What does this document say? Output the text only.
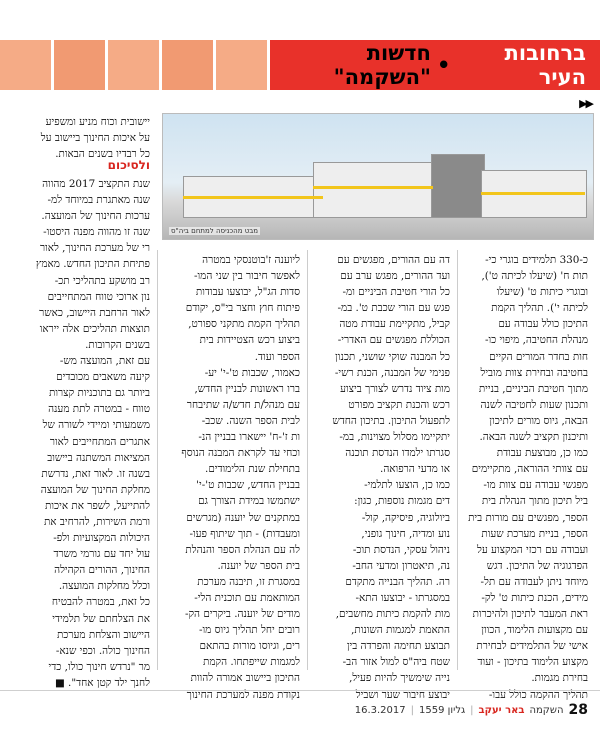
ברחובות העיר
•
חדשות "השקמה"
▶▶
מבט מהכניסה למתחם ביה"ס
כ-330 תלמידים בוגרי כי-
תות ח' (שיעלו לכיתה ט'),
ובוגרי כיתות ט' (שיעלו
לכיתה י'). תהליך הקמת
התיכון כולל עבודה עם
מנהלת החטיבה, מיפוי כו-
חות בחדר המורים הקיים
בחטיבה ובחירת צוות מוביל
מתוך חטיבת הביניים, בניית
ותכנון שעות לחטיבה לשנה
הבאה, גיוס מורים לתיכון
ותיכנון תקציב לשנה הבאה.
כמו כן, מבוצעת עבודת
עם צוותי ההוראה, מתקיימים
מפגשי עבודה עם צוות מו-
ביל תיכון מתוך הנהלת בית
הספר, מפגשים עם מורות בית
הספר, בניית מערכת שעות
ועבודה עם רכזי המקצוע על
הפדגוגיה של התיכון. דגש
מיוחד ניתן לעבודה עם תל-
מידים, הכנת כיתות ט' לק-
ראת המעבר לתיכון ולהיכרות
עם מקצועות הלימוד, הכוון
אישי של התלמידים לבחירת
מקצוע הלימוד בתיכון - ועוד
בחירת מגמות.
תהליך ההקמה כולל עבו-
דה עם ההורים, מפגשים עם
ועד ההורים, מפגש ערב עם
כל הורי חטיבת הביניים ומ-
פגש עם הורי שכבת ט'. במ-
קביל, מתקיימת עבודת מטה
הכוללת מפגשים עם האדרי-
כל המבנה שוקי שושני, תכנון
פנימי של המבנה, הכנת רשי-
מות ציוד נדרש לצורך ביצוע
רכש והכנת תקציב מפורט
לתפעול התיכון. בתיכון החדש
יתקיימו מסלול מצוינות, במ-
סגרתו ילמדו הנדסת תוכנה
או מדעי הרפואה.
כמו כן, הוצעו לתלמי-
דים מגמות נוספות, כגון:
ביולוגיה, פיסיקה, קול-
נוע ומדיה, חינוך גופני,
ניהול עסקי, הנדסת תוכ-
נה, תיאטרון ומדעי החב-
רה. תהליך הבנייה מתקדם
במסגרתו - יבוצעו התא-
מות להקמת כיתות מחשבים,
התאמת למגמות השונות,
תבוצע תחימה והפרדה בין
שטח ביה"ס למול אזור הב-
נייה שימשיך להיות פעיל,
יבוצע חיבור שער ושביל
ליוענה ז'בוטנסקי במטרה
לאפשר חיבור בין שני המו-
סדות הג"ל, יבוצעו עבודות
פיתוח חוץ וחצר בי"ס, יקודם
תהליך הקמת מתקני ספורט,
ביצוע רכש הצטיידות בית
הספר ועוד.
כאמור, שכבות ט'-י' יע-
ברו ראשונות לבניין החדש,
עם מנהל/ת חדש/ה שתיבחר
לבית הספר השנה. שכב-
ות ז'-ח' יישארו בבניין הנ-
וכחי עד לקראת המבנה הנוסף
בתחילת שנת הלימודים.
בבניין החדש, שכבות ט'-י'
ישתמשו במידת הצורך גם
במתקנים של יוענה (מגרשים
ומעבדות) - תוך שיתוף פעו-
לה עם הנהלת הספר והנהלת
בית הספר של יוענה.
במסגרת זו, תיבנה מערכת
המותאמת עם תוכנית הלי-
מודים של יוענה. ביקרים הק-
רובים יחל תהליך גיוס מו-
רים, וגיוסו מורות בהתאם
למגמות שייפתחו. הקמת
התיכון ביישוב אמורה להוות
נקודת מפנה למערכת החינוך
יישובית וכוח מניע ומשפיע
על איכות החינוך ביישוב על
כל רבדיו בשנים הבאות.
ולסיכום
שנת התקציב 2017 מהווה
שנה מאתגרת במיוחד למ-
ערכות החינוך של המועצה.
שנה זו מהווה מפנה היסטו-
רי של מערכת החינוך, לאור
פתיחת התיכון החדש. מאמץ
רב מושקע בתהליכי תכ-
נון ארוכי טווח המתחייבים
לאור הרחבת היישוב, כאשר
תוצאות תהליכים אלה ייראו
בשנים הקרובות.
עם זאת, המועצה מש-
קיעה משאבים מכובדים
ביותר גם בתוכניות קצרות
טווח - במטרה לתת מענה
משמעותי ומיידי לשורה של
אתגרים המתחייבים לאור
המציאות המשתנה ביישוב
בשנה זו. לאור זאת, נדרשת
מחלקת החינוך של המועצה
להתייעל, לשפר את איכות
ורמת השירות, להרחיב את
היכולות המקצועיות ולפ-
עול יחד עם גורמי משרד
החינוך, ההורים הקהילה
וכלל מחלקות המועצה.
כל זאת, במטרה להבטיח
את הצלחתם של תלמידי
היישוב והצלחת מערכת
החינוך כולה. וכפי שנא-
מר "נרדש חינוך כולו, כדי
לחנך ילד קטן אחד". ■
28
השקמה
באר יעקב
|
גליון 1559
|
16.3.2017
